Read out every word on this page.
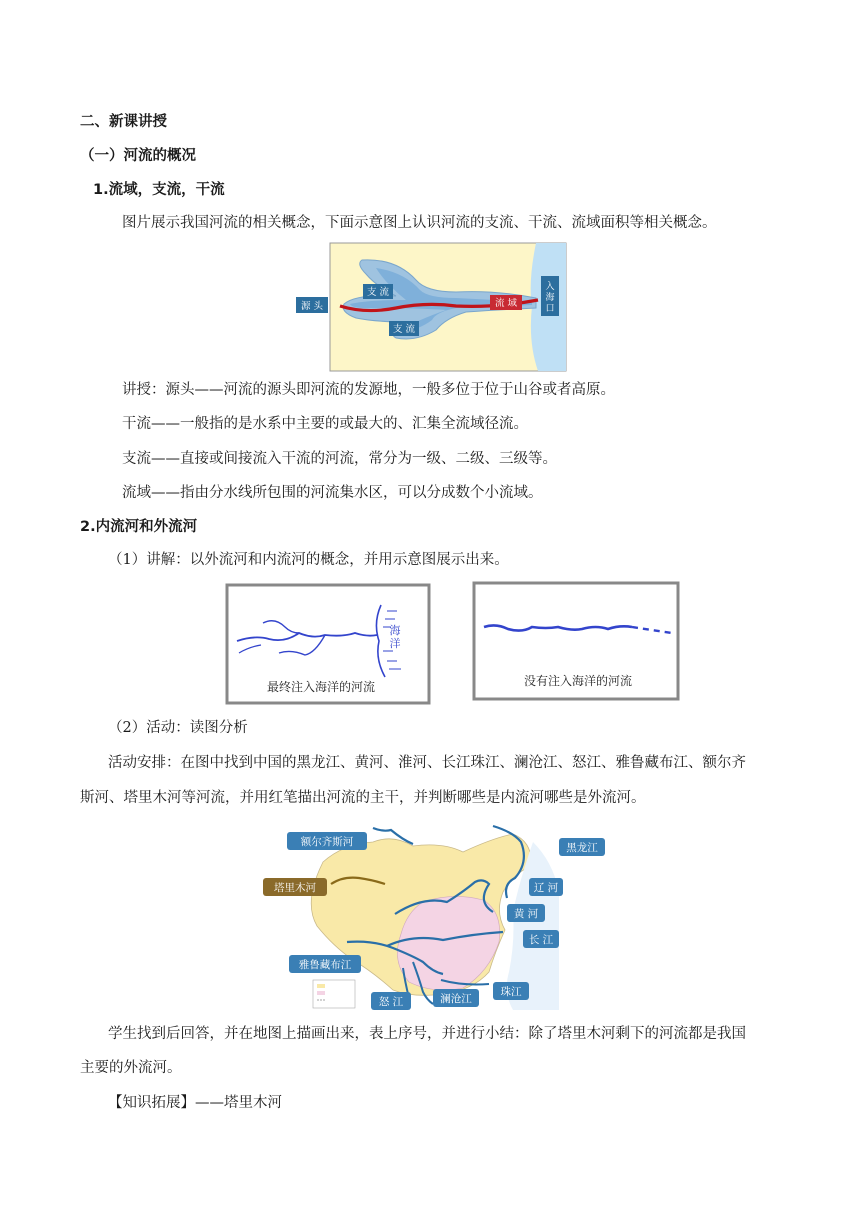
二、新课讲授
（一）河流的概况
1.流域，支流，干流
图片展示我国河流的相关概念，下面示意图上认识河流的支流、干流、流域面积等相关概念。
源 头
支 流
支 流
流 域
入
海
口
讲授：源头——河流的源头即河流的发源地，一般多位于位于山谷或者高原。
干流——一般指的是水系中主要的或最大的、汇集全流域径流。
支流——直接或间接流入干流的河流，常分为一级、二级、三级等。
流域——指由分水线所包围的河流集水区，可以分成数个小流域。
2.内流河和外流河
（1）讲解：以外流河和内流河的概念，并用示意图展示出来。
海
洋
最终注入海洋的河流	没有注入海洋的河流
（2）活动：读图分析
活动安排：在图中找到中国的黑龙江、黄河、淮河、长江珠江、澜沧江、怒江、雅鲁藏布江、额尔齐
斯河、塔里木河等河流，并用红笔描出河流的主干，并判断哪些是内流河哪些是外流河。
额尔齐斯河	黑龙江
塔里木河	辽 河
黄 河
长 江
雅鲁藏布江
珠江
澜沧江
怒 江
学生找到后回答，并在地图上描画出来，表上序号，并进行小结：除了塔里木河剩下的河流都是我国
主要的外流河。
【知识拓展】——塔里木河
